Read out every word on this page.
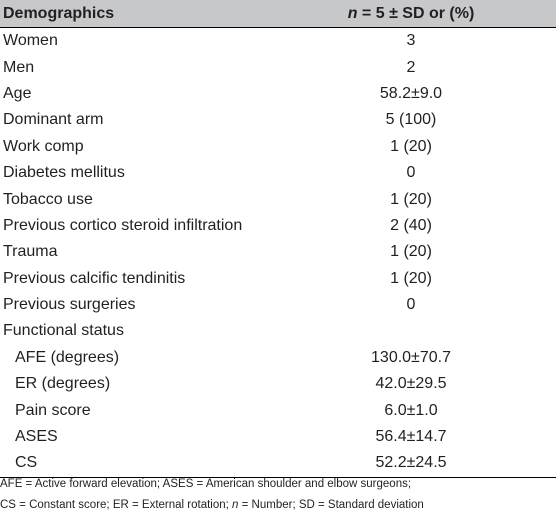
Demographics	n = 5 ± SD or (%)
Women	3
Men	2
Age	58.2±9.0
Dominant arm	5 (100)
Work comp	1 (20)
Diabetes mellitus	0
Tobacco use	1 (20)
Previous cortico steroid infiltration	2 (40)
Trauma	1 (20)
Previous calcific tendinitis	1 (20)
Previous surgeries	0
Functional status	
AFE (degrees)	130.0±70.7
ER (degrees)	42.0±29.5
Pain score	6.0±1.0
ASES	56.4±14.7
CS	52.2±24.5

AFE = Active forward elevation; ASES = American shoulder and elbow surgeons;

CS = Constant score; ER = External rotation; n = Number; SD = Standard deviation
